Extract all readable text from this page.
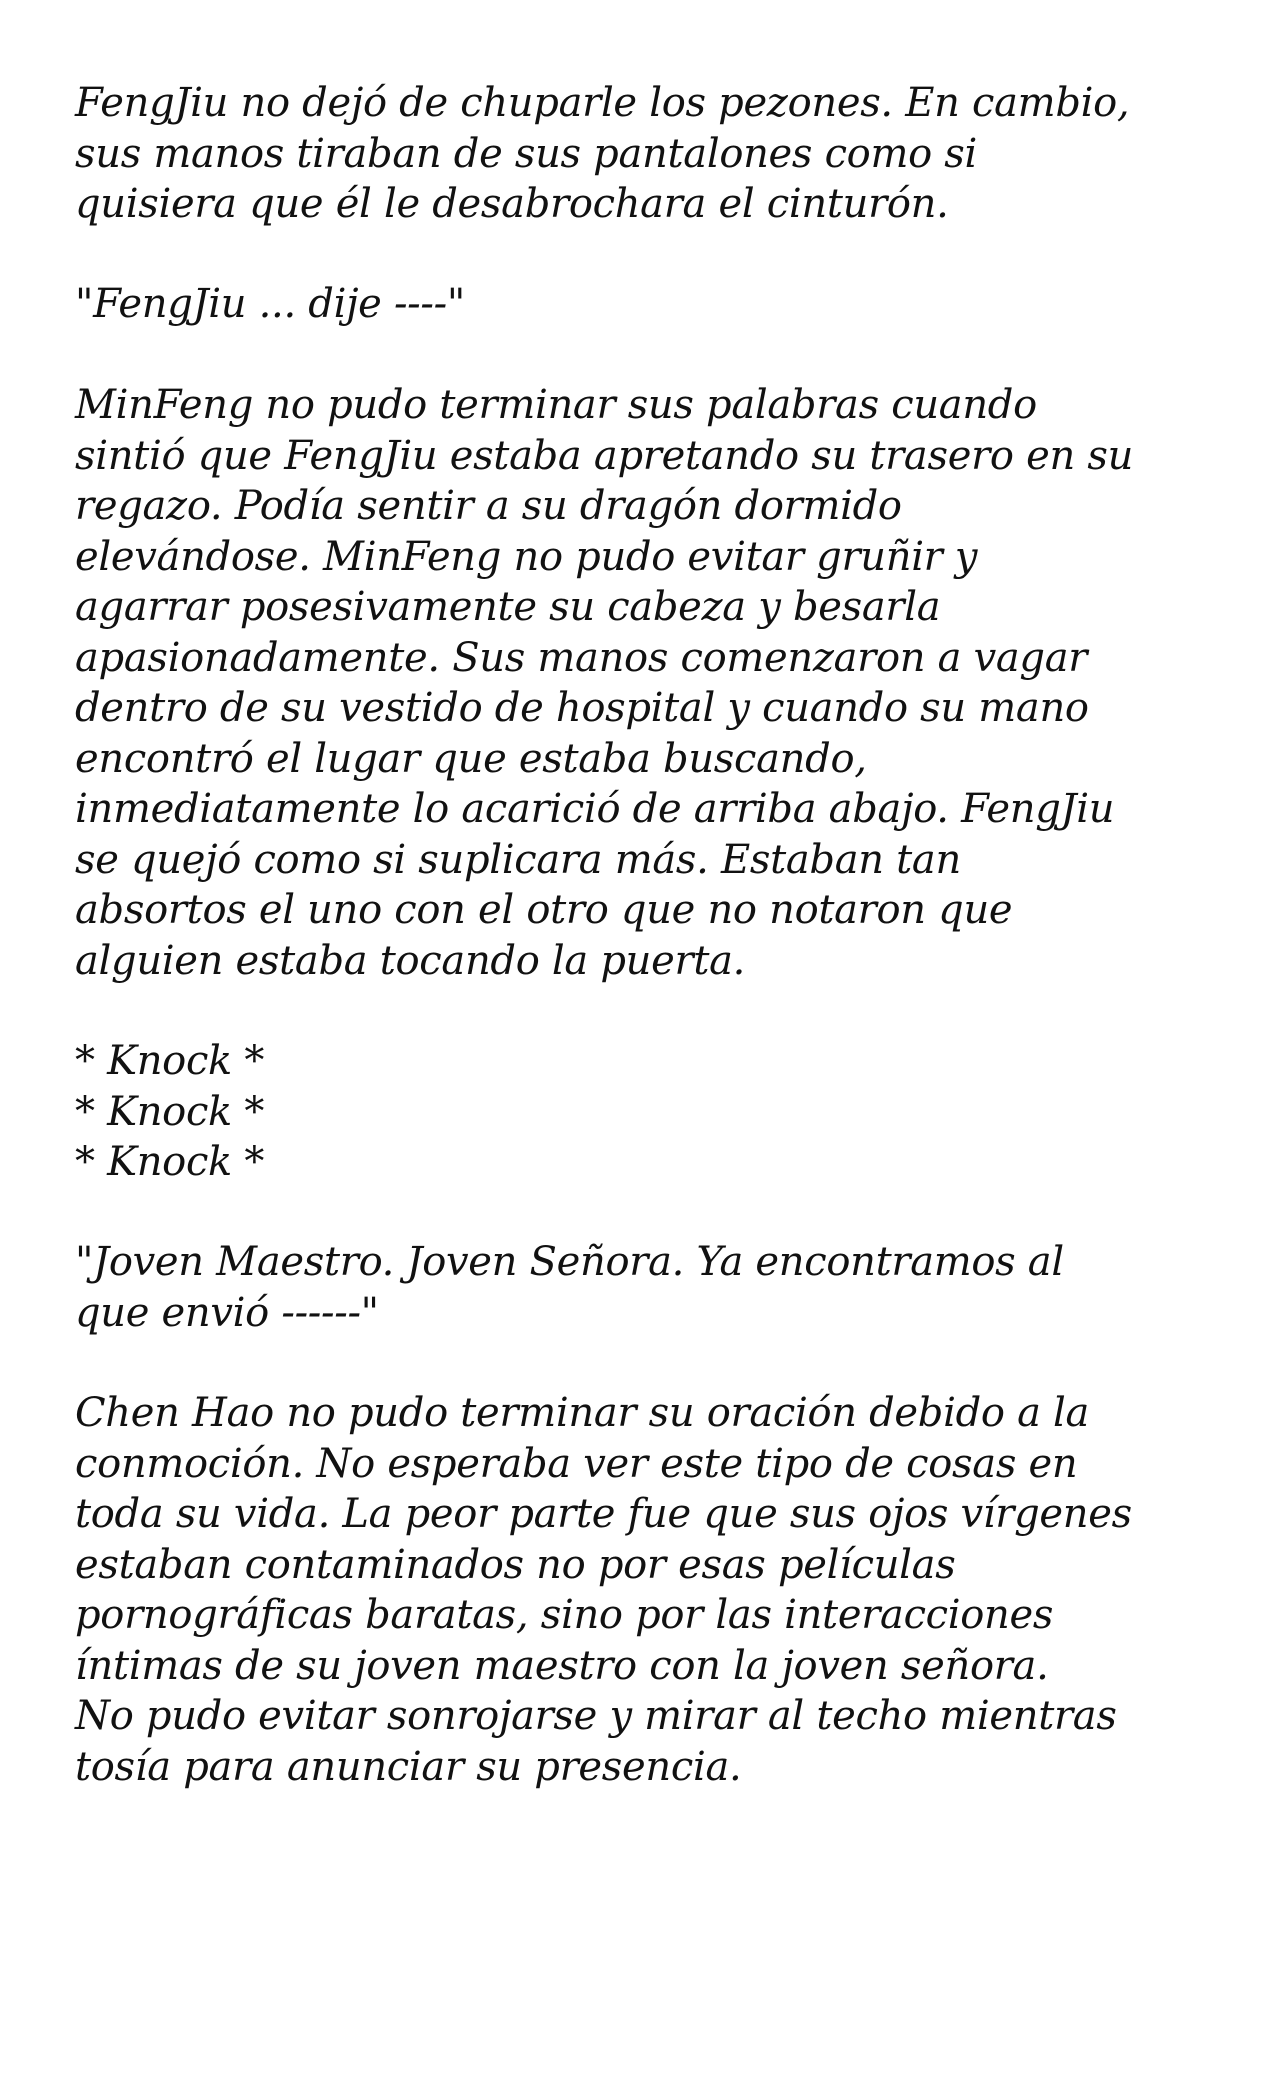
FengJiu no dejó de chuparle los pezones. En cambio,
sus manos tiraban de sus pantalones como si
quisiera que él le desabrochara el cinturón.
"FengJiu ... dije ----"
MinFeng no pudo terminar sus palabras cuando
sintió que FengJiu estaba apretando su trasero en su
regazo. Podía sentir a su dragón dormido
elevándose. MinFeng no pudo evitar gruñir y
agarrar posesivamente su cabeza y besarla
apasionadamente. Sus manos comenzaron a vagar
dentro de su vestido de hospital y cuando su mano
encontró el lugar que estaba buscando,
inmediatamente lo acarició de arriba abajo. FengJiu
se quejó como si suplicara más. Estaban tan
absortos el uno con el otro que no notaron que
alguien estaba tocando la puerta.
* Knock *
* Knock *
* Knock *
"Joven Maestro. Joven Señora. Ya encontramos al
que envió ------"
Chen Hao no pudo terminar su oración debido a la
conmoción. No esperaba ver este tipo de cosas en
toda su vida. La peor parte fue que sus ojos vírgenes
estaban contaminados no por esas películas
pornográficas baratas, sino por las interacciones
íntimas de su joven maestro con la joven señora.
No pudo evitar sonrojarse y mirar al techo mientras
tosía para anunciar su presencia.
